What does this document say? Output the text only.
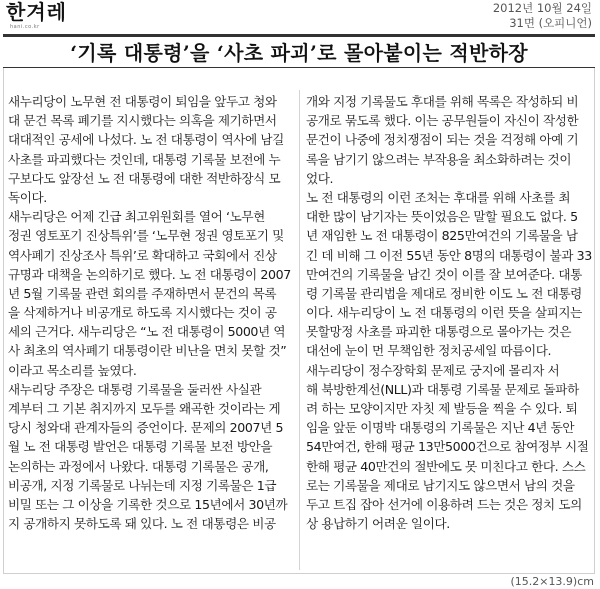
한겨레
hani.co.kr
2012년 10월 24일
31면 (오피니언)
‘기록 대통령’을 ‘사초 파괴’로 몰아붙이는 적반하장
새누리당이 노무현 전 대통령이 퇴임을 앞두고 청와
대 문건 목록 폐기를 지시했다는 의혹을 제기하면서
대대적인 공세에 나섰다. 노 전 대통령이 역사에 남길
사초를 파괴했다는 것인데, 대통령 기록물 보전에 누
구보다도 앞장선 노 전 대통령에 대한 적반하장식 모
독이다.
새누리당은 어제 긴급 최고위원회를 열어 ‘노무현
정권 영토포기 진상특위’를 ‘노무현 정권 영토포기 및
역사폐기 진상조사 특위’로 확대하고 국회에서 진상
규명과 대책을 논의하기로 했다. 노 전 대통령이 2007
년 5월 기록물 관련 회의를 주재하면서 문건의 목록
을 삭제하거나 비공개로 하도록 지시했다는 것이 공
세의 근거다. 새누리당은 “노 전 대통령이 5000년 역
사 최초의 역사폐기 대통령이란 비난을 면치 못할 것”
이라고 목소리를 높였다.
새누리당 주장은 대통령 기록물을 둘러싼 사실관
계부터 그 기본 취지까지 모두를 왜곡한 것이라는 게
당시 청와대 관계자들의 증언이다. 문제의 2007년 5
월 노 전 대통령 발언은 대통령 기록물 보전 방안을
논의하는 과정에서 나왔다. 대통령 기록물은 공개,
비공개, 지정 기록물로 나뉘는데 지정 기록물은 1급
비밀 또는 그 이상을 기록한 것으로 15년에서 30년까
지 공개하지 못하도록 돼 있다. 노 전 대통령은 비공
개와 지정 기록물도 후대를 위해 목록은 작성하되 비
공개로 묶도록 했다. 이는 공무원들이 자신이 작성한
문건이 나중에 정치쟁점이 되는 것을 걱정해 아예 기
록을 남기기 않으려는 부작용을 최소화하려는 것이
었다.
노 전 대통령의 이런 조처는 후대를 위해 사초를 최
대한 많이 남기자는 뜻이었음은 말할 필요도 없다. 5
년 재임한 노 전 대통령이 825만여건의 기록물을 남
긴 데 비해 그 이전 55년 동안 8명의 대통령이 불과 33
만여건의 기록물을 남긴 것이 이를 잘 보여준다. 대통
령 기록물 관리법을 제대로 정비한 이도 노 전 대통령
이다. 새누리당이 노 전 대통령의 이런 뜻을 살피지는
못할망정 사초를 파괴한 대통령으로 몰아가는 것은
대선에 눈이 먼 무책임한 정치공세일 따름이다.
새누리당이 정수장학회 문제로 궁지에 몰리자 서
해 북방한계선(NLL)과 대통령 기록물 문제로 돌파하
려 하는 모양이지만 자칫 제 발등을 찍을 수 있다. 퇴
임을 앞둔 이명박 대통령의 기록물은 지난 4년 동안
54만여건, 한해 평균 13만5000건으로 참여정부 시절
한해 평균 40만건의 절반에도 못 미친다고 한다. 스스
로는 기록물을 제대로 남기지도 않으면서 남의 것을
두고 트집 잡아 선거에 이용하려 드는 것은 정치 도의
상 용납하기 어려운 일이다.
(15.2×13.9)cm
